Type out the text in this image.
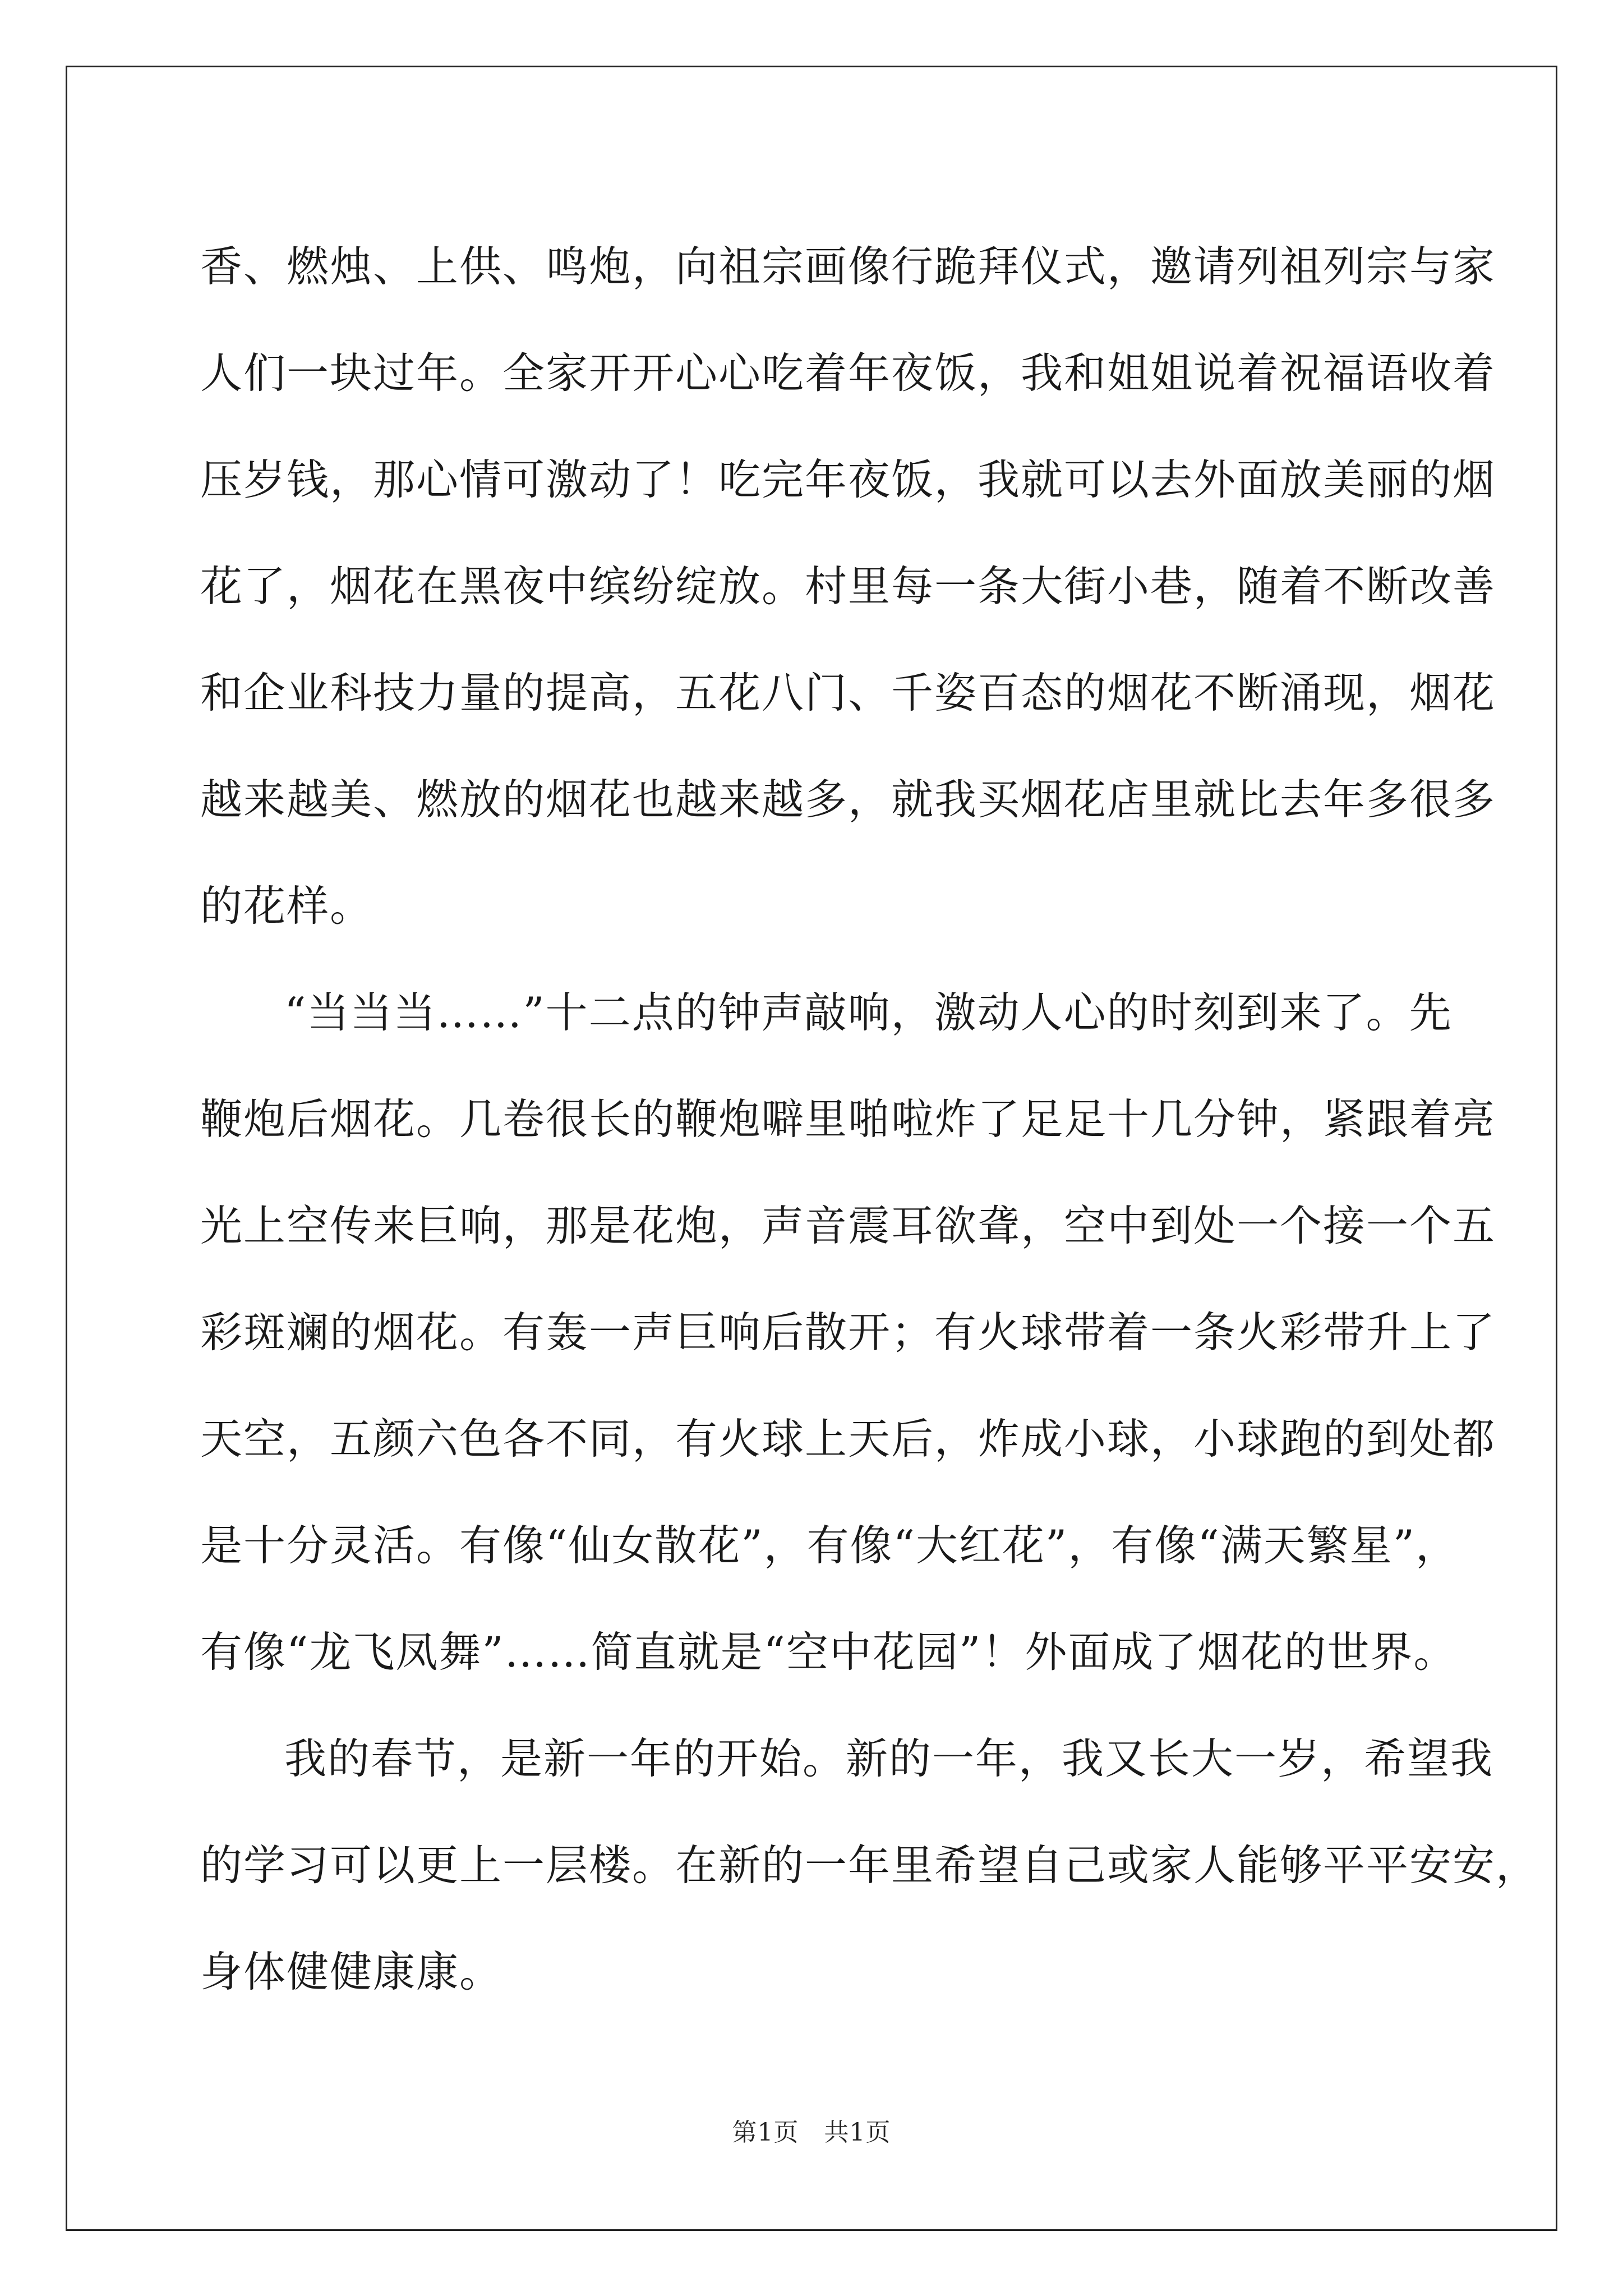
香、燃烛、上供、鸣炮，向祖宗画像行跪拜仪式，邀请列祖列宗与家
人们一块过年。全家开开心心吃着年夜饭，我和姐姐说着祝福语收着
压岁钱，那心情可激动了！吃完年夜饭，我就可以去外面放美丽的烟
花了，烟花在黑夜中缤纷绽放。村里每一条大街小巷，随着不断改善
和企业科技力量的提高，五花八门、千姿百态的烟花不断涌现，烟花
越来越美、燃放的烟花也越来越多，就我买烟花店里就比去年多很多
的花样。
“当当当……”十二点的钟声敲响，激动人心的时刻到来了。先
鞭炮后烟花。几卷很长的鞭炮噼里啪啦炸了足足十几分钟，紧跟着亮
光上空传来巨响，那是花炮，声音震耳欲聋，空中到处一个接一个五
彩斑斓的烟花。有轰一声巨响后散开；有火球带着一条火彩带升上了
天空，五颜六色各不同，有火球上天后，炸成小球，小球跑的到处都
是十分灵活。有像“仙女散花”，有像“大红花”，有像“满天繁星”，
有像“龙飞凤舞”……简直就是“空中花园”！外面成了烟花的世界。
我的春节，是新一年的开始。新的一年，我又长大一岁，希望我
的学习可以更上一层楼。在新的一年里希望自己或家人能够平平安安，
身体健健康康。
第1页　共1页
